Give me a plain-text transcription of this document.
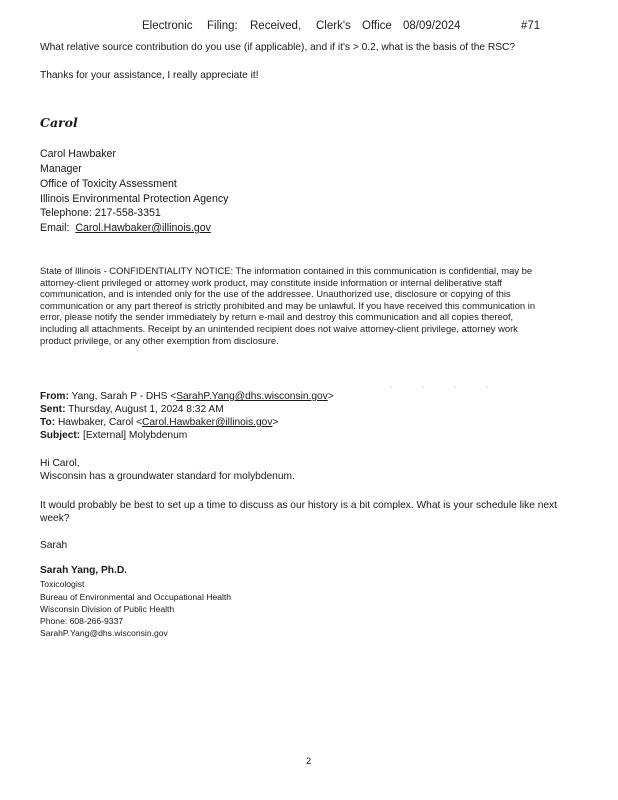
Electronic Filing: Received, Clerk's Office 08/09/2024	#71
What relative source contribution do you use (if applicable), and if it's > 0.2, what is the basis of the RSC?
Thanks for your assistance, I really appreciate it!
Carol
Carol Hawbaker
Manager
Office of Toxicity Assessment
Illinois Environmental Protection Agency
Telephone: 217-558-3351
Email: Carol.Hawbaker@illinois.gov
State of Illinois - CONFIDENTIALITY NOTICE: The information contained in this communication is confidential, may be
attorney-client privileged or attorney work product, may constitute inside information or internal deliberative staff
communication, and is intended only for the use of the addressee. Unauthorized use, disclosure or copying of this
communication or any part thereof is strictly prohibited and may be unlawful. If you have received this communication in
error, please notify the sender immediately by return e-mail and destroy this communication and all copies thereof,
including all attachments. Receipt by an unintended recipient does not waive attorney-client privilege, attorney work
product privilege, or any other exemption from disclosure.
....
From: Yang, Sarah P - DHS <SarahP.Yang@dhs.wisconsin.gov>
Sent: Thursday, August 1, 2024 8:32 AM
To: Hawbaker, Carol <Carol.Hawbaker@illinois.gov>
Subject: [External] Molybdenum
Hi Carol,
Wisconsin has a groundwater standard for molybdenum.
It would probably be best to set up a time to discuss as our history is a bit complex. What is your schedule like next
week?
Sarah
Sarah Yang, Ph.D.
Toxicologist
Bureau of Environmental and Occupational Health
Wisconsin Division of Public Health
Phone: 608-266-9337
SarahP.Yang@dhs.wisconsin.gov
2
